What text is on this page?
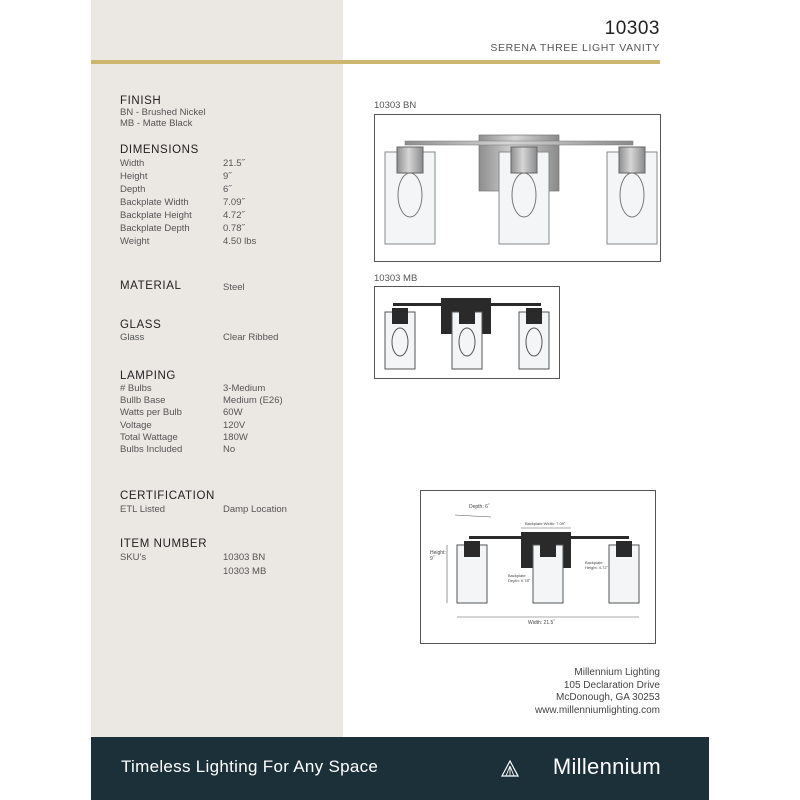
10303
SERENA THREE LIGHT VANITY
FINISH
BN - Brushed Nickel
MB - Matte Black
DIMENSIONS
Width	21.5˝
Height	9˝
Depth	6˝
Backplate Width	7.09˝
Backplate Height	4.72˝
Backplate Depth	0.78˝
Weight	4.50 lbs
MATERIAL	Steel
GLASS
Glass	Clear Ribbed
LAMPING
# Bulbs	3-Medium
Bullb Base	Medium (E26)
Watts per Bulb	60W
Voltage	120V
Total Wattage	180W
Bulbs Included	No
CERTIFICATION
ETL Listed	Damp Location
ITEM NUMBER
SKU's	10303 BN
10303 MB
10303 BN
10303 MB
Depth: 6˝
Backplate Width: 7.09˝
Height:
9˝
Backplate
Height: 4.72˝
Backplate
Depth: 0.78˝
Width: 21.5˝
Millennium Lighting
105 Declaration Drive
McDonough, GA 30253
www.millenniumlighting.com
Timeless Lighting For Any Space	Millennium
